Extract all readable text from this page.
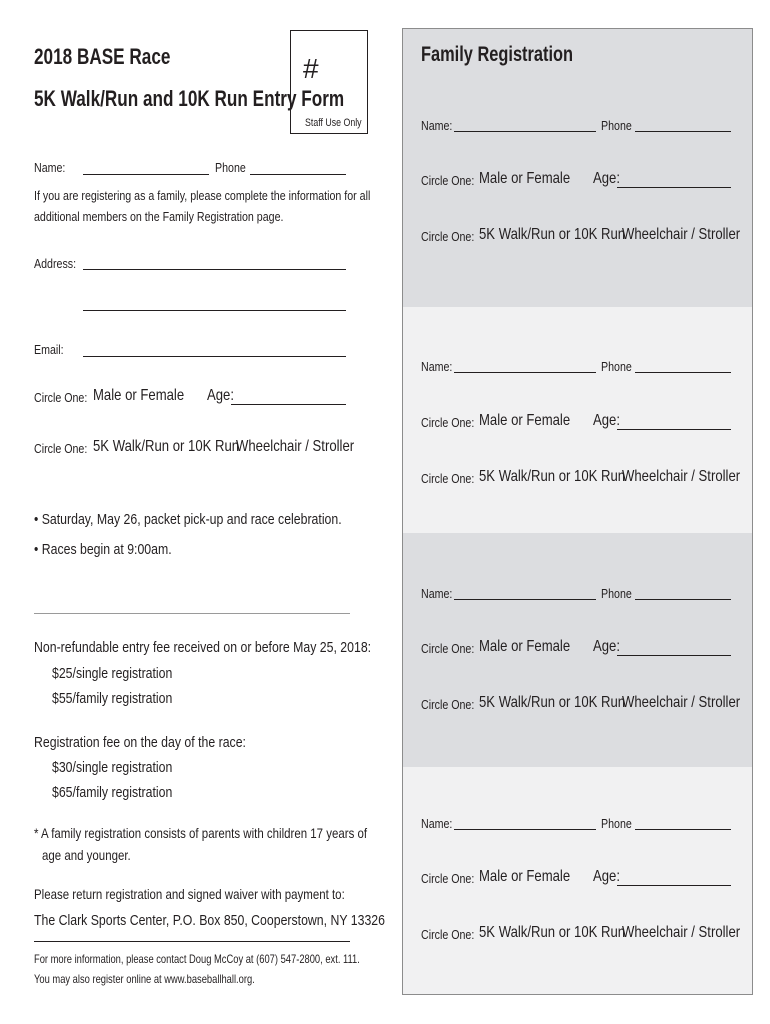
2018 BASE Race
5K Walk/Run and 10K Run Entry Form
#
Staff Use Only
Name:	Phone
If you are registering as a family, please complete the information for all
additional members on the Family Registration page.
Address:
Email:
Circle One: Male or Female Age:
Circle One: 5K Walk/Run or 10K Run
Wheelchair / Stroller
• Saturday, May 26, packet pick-up and race celebration.
• Races begin at 9:00am.
Non-refundable entry fee received on or before May 25, 2018:
$25/single registration
$55/family registration
Registration fee on the day of the race:
$30/single registration
$65/family registration
* A family registration consists of parents with children 17 years of
age and younger.
Please return registration and signed waiver with payment to:
The Clark Sports Center, P.O. Box 850, Cooperstown, NY 13326
For more information, please contact Doug McCoy at (607) 547-2800, ext. 111.
You may also register online at www.baseballhall.org.
Family Registration
Name:	Phone
Circle One: Male or Female Age:
Circle One: 5K Walk/Run or 10K Run
Wheelchair / Stroller
Name:	Phone
Circle One: Male or Female Age:
Circle One: 5K Walk/Run or 10K Run
Wheelchair / Stroller
Name:	Phone
Circle One: Male or Female Age:
Circle One: 5K Walk/Run or 10K Run
Wheelchair / Stroller
Name:	Phone
Circle One: Male or Female Age:
Circle One: 5K Walk/Run or 10K Run
Wheelchair / Stroller
